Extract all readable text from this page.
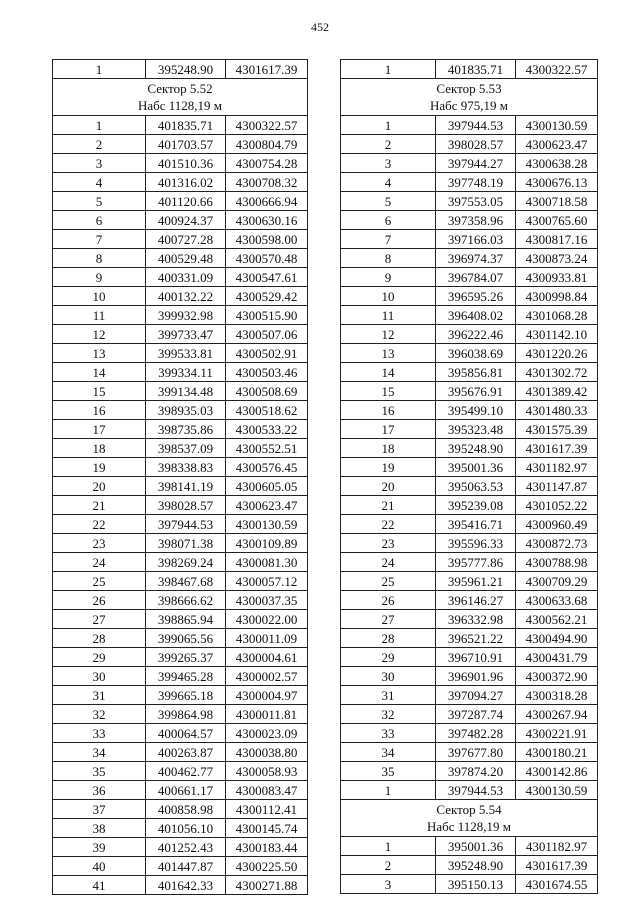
452
1	395248.90	4301617.39

Сектор 5.52
Набс 1128,19 м		

1	401835.71	4300322.57
2	401703.57	4300804.79
3	401510.36	4300754.28
4	401316.02	4300708.32
5	401120.66	4300666.94
6	400924.37	4300630.16
7	400727.28	4300598.00
8	400529.48	4300570.48
9	400331.09	4300547.61
10	400132.22	4300529.42
11	399932.98	4300515.90
12	399733.47	4300507.06
13	399533.81	4300502.91
14	399334.11	4300503.46
15	399134.48	4300508.69
16	398935.03	4300518.62
17	398735.86	4300533.22
18	398537.09	4300552.51
19	398338.83	4300576.45
20	398141.19	4300605.05
21	398028.57	4300623.47
22	397944.53	4300130.59
23	398071.38	4300109.89
24	398269.24	4300081.30
25	398467.68	4300057.12
26	398666.62	4300037.35
27	398865.94	4300022.00
28	399065.56	4300011.09
29	399265.37	4300004.61
30	399465.28	4300002.57
31	399665.18	4300004.97
32	399864.98	4300011.81
33	400064.57	4300023.09
34	400263.87	4300038.80
35	400462.77	4300058.93
36	400661.17	4300083.47
37	400858.98	4300112.41
38	401056.10	4300145.74
39	401252.43	4300183.44
40	401447.87	4300225.50
41	401642.33	4300271.88
1	401835.71	4300322.57

Сектор 5.53
Набс 975,19 м		

1	397944.53	4300130.59
2	398028.57	4300623.47
3	397944.27	4300638.28
4	397748.19	4300676.13
5	397553.05	4300718.58
6	397358.96	4300765.60
7	397166.03	4300817.16
8	396974.37	4300873.24
9	396784.07	4300933.81
10	396595.26	4300998.84
11	396408.02	4301068.28
12	396222.46	4301142.10
13	396038.69	4301220.26
14	395856.81	4301302.72
15	395676.91	4301389.42
16	395499.10	4301480.33
17	395323.48	4301575.39
18	395248.90	4301617.39
19	395001.36	4301182.97
20	395063.53	4301147.87
21	395239.08	4301052.22
22	395416.71	4300960.49
23	395596.33	4300872.73
24	395777.86	4300788.98
25	395961.21	4300709.29
26	396146.27	4300633.68
27	396332.98	4300562.21
28	396521.22	4300494.90
29	396710.91	4300431.79
30	396901.96	4300372.90
31	397094.27	4300318.28
32	397287.74	4300267.94
33	397482.28	4300221.91
34	397677.80	4300180.21
35	397874.20	4300142.86
1	397944.53	4300130.59

Сектор 5.54
Набс 1128,19 м		

1	395001.36	4301182.97
2	395248.90	4301617.39
3	395150.13	4301674.55
